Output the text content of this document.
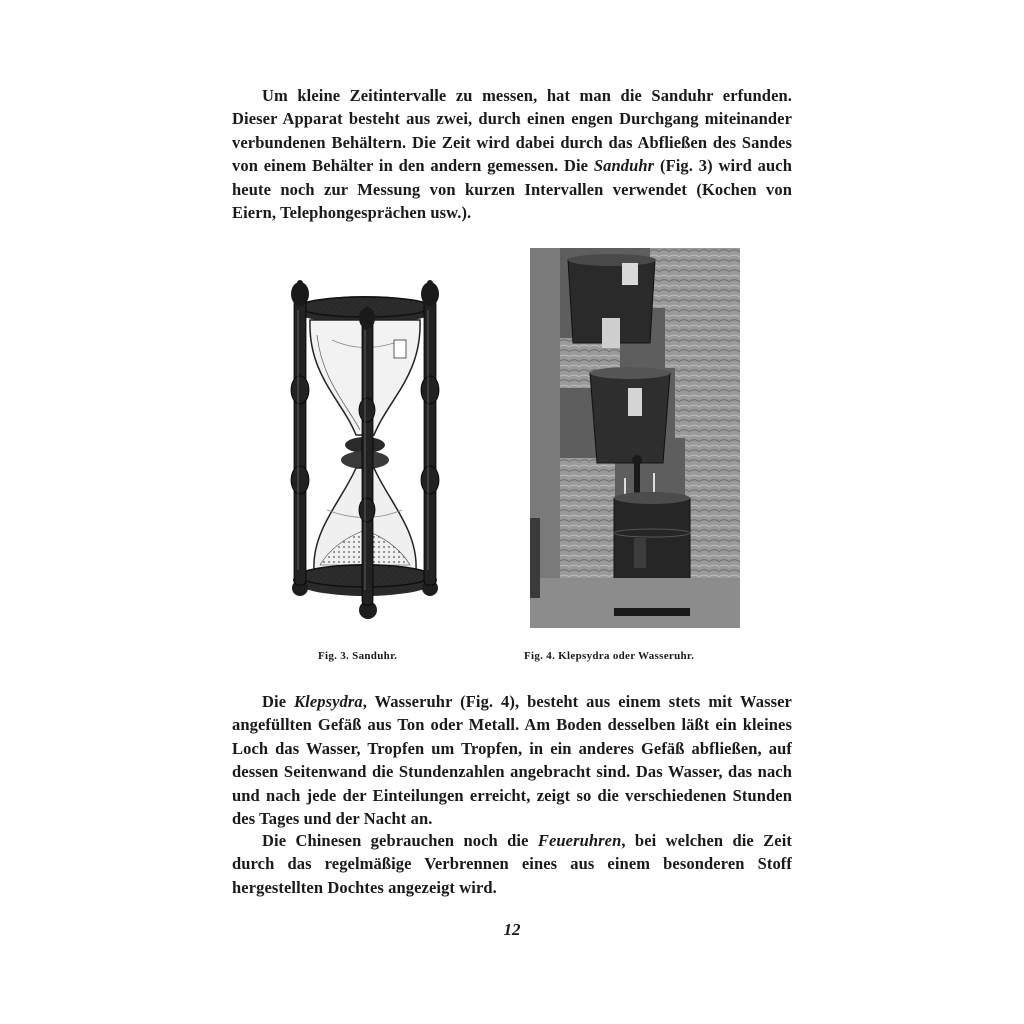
Um kleine Zeitintervalle zu messen, hat man die Sanduhr erfunden. Dieser Apparat besteht aus zwei, durch einen engen Durchgang miteinander verbundenen Behältern. Die Zeit wird dabei durch das Abfließen des Sandes von einem Behälter in den andern gemessen. Die Sanduhr (Fig. 3) wird auch heute noch zur Messung von kurzen Intervallen verwendet (Kochen von Eiern, Telephongesprächen usw.).

Fig. 3. Sanduhr.	Fig. 4. Klepsydra oder Wasseruhr.

Die Klepsydra, Wasseruhr (Fig. 4), besteht aus einem stets mit Wasser angefüllten Gefäß aus Ton oder Metall. Am Boden desselben läßt ein kleines Loch das Wasser, Tropfen um Tropfen, in ein anderes Gefäß abfließen, auf dessen Seitenwand die Stundenzahlen angebracht sind. Das Wasser, das nach und nach jede der Einteilungen erreicht, zeigt so die verschiedenen Stunden des Tages und der Nacht an.

Die Chinesen gebrauchen noch die Feueruhren, bei welchen die Zeit durch das regelmäßige Verbrennen eines aus einem besonderen Stoff hergestellten Dochtes angezeigt wird.

12
